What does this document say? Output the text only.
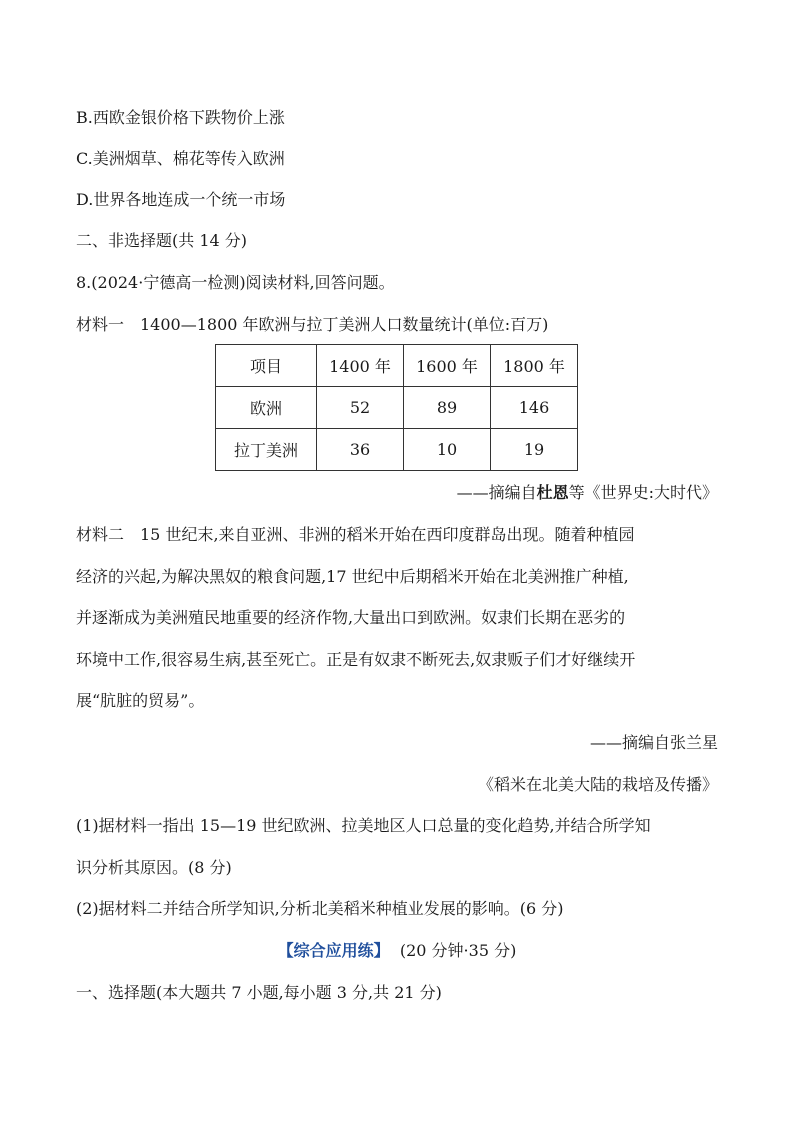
B.西欧金银价格下跌物价上涨
C.美洲烟草、棉花等传入欧洲
D.世界各地连成一个统一市场
二、非选择题(共 14 分)
8.(2024·宁德高一检测)阅读材料,回答问题。
材料一　1400—1800 年欧洲与拉丁美洲人口数量统计(单位:百万)
项目	1400 年	1600 年	1800 年
欧洲	52	89	146
拉丁美洲	36	10	19
——摘编自杜恩等《世界史:大时代》
材料二　15 世纪末,来自亚洲、非洲的稻米开始在西印度群岛出现。随着种植园
经济的兴起,为解决黑奴的粮食问题,17 世纪中后期稻米开始在北美洲推广种植,
并逐渐成为美洲殖民地重要的经济作物,大量出口到欧洲。奴隶们长期在恶劣的
环境中工作,很容易生病,甚至死亡。正是有奴隶不断死去,奴隶贩子们才好继续开
展“肮脏的贸易”。
——摘编自张兰星
《稻米在北美大陆的栽培及传播》
(1)据材料一指出 15—19 世纪欧洲、拉美地区人口总量的变化趋势,并结合所学知
识分析其原因。(8 分)
(2)据材料二并结合所学知识,分析北美稻米种植业发展的影响。(6 分)
【综合应用练】 (20 分钟·35 分)
一、选择题(本大题共 7 小题,每小题 3 分,共 21 分)
